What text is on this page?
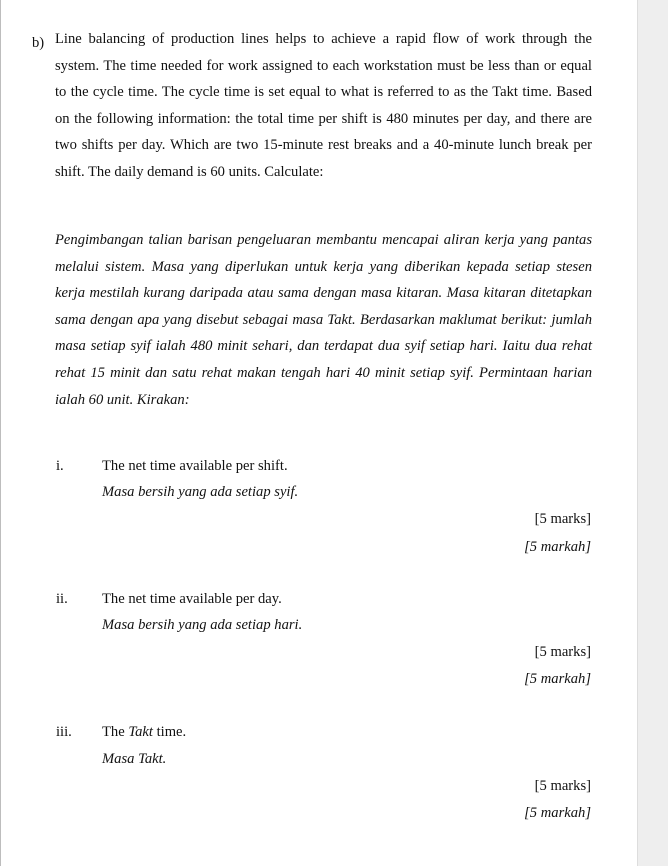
b) Line balancing of production lines helps to achieve a rapid flow of work through the system. The time needed for work assigned to each workstation must be less than or equal to the cycle time. The cycle time is set equal to what is referred to as the Takt time. Based on the following information: the total time per shift is 480 minutes per day, and there are two shifts per day. Which are two 15-minute rest breaks and a 40-minute lunch break per shift. The daily demand is 60 units. Calculate:

Pengimbangan talian barisan pengeluaran membantu mencapai aliran kerja yang pantas melalui sistem. Masa yang diperlukan untuk kerja yang diberikan kepada setiap stesen kerja mestilah kurang daripada atau sama dengan masa kitaran. Masa kitaran ditetapkan sama dengan apa yang disebut sebagai masa Takt. Berdasarkan maklumat berikut: jumlah masa setiap syif ialah 480 minit sehari, dan terdapat dua syif setiap hari. Iaitu dua rehat rehat 15 minit dan satu rehat makan tengah hari 40 minit setiap syif. Permintaan harian ialah 60 unit. Kirakan:

i.	The net time available per shift.
Masa bersih yang ada setiap syif.
[5 marks]
[5 markah]
ii. The net time available per day.
Masa bersih yang ada setiap hari.
[5 marks]
[5 markah]
iii. The Takt time.
Masa Takt.
[5 marks]
[5 markah]
